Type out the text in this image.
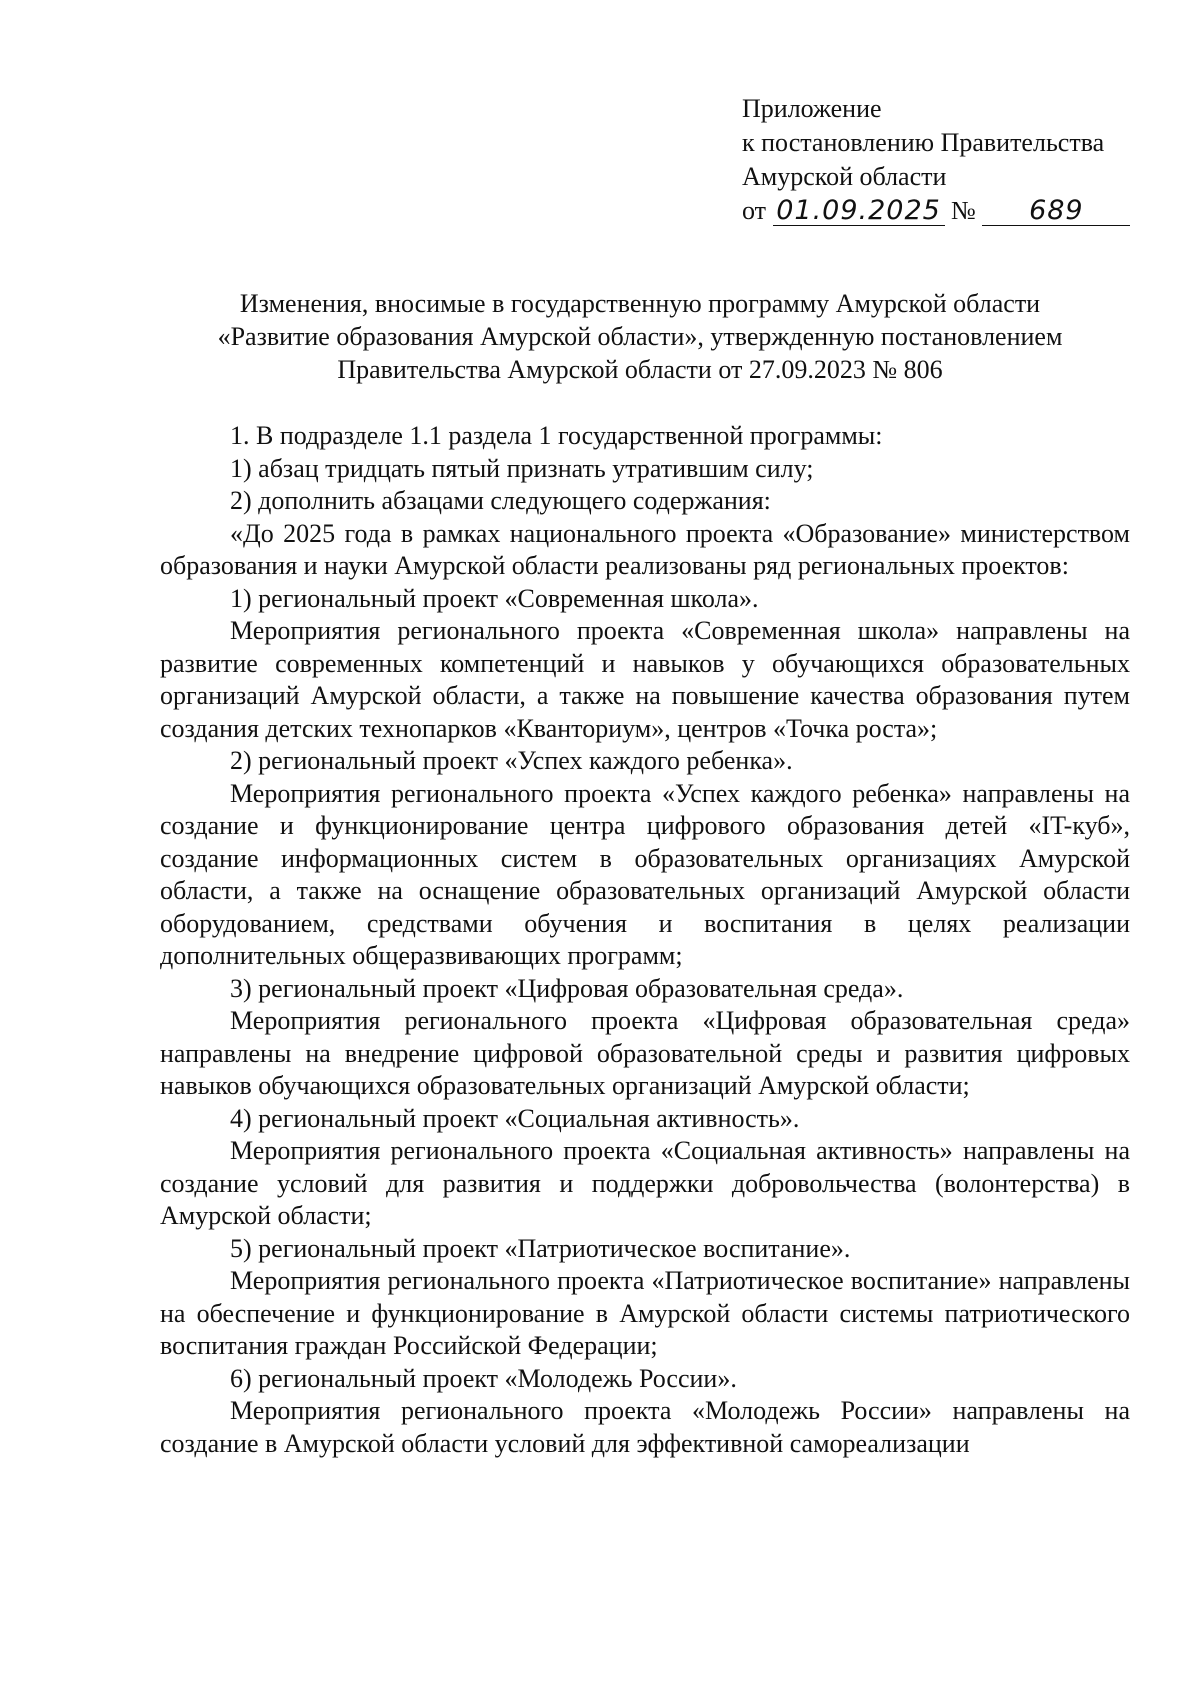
Приложение
к постановлению Правительства
Амурской области
от 01.09.2025 № 689
Изменения, вносимые в государственную программу Амурской области
«Развитие образования Амурской области», утвержденную постановлением
Правительства Амурской области от 27.09.2023 № 806

1. В подразделе 1.1 раздела 1 государственной программы:

1) абзац тридцать пятый признать утратившим силу;

2) дополнить абзацами следующего содержания:

«До 2025 года в рамках национального проекта «Образование» министерством образования и науки Амурской области реализованы ряд региональных проектов:

1) региональный проект «Современная школа».

Мероприятия регионального проекта «Современная школа» направлены на развитие современных компетенций и навыков у обучающихся образовательных организаций Амурской области, а также на повышение качества образования путем создания детских технопарков «Кванториум», центров «Точка роста»;

2) региональный проект «Успех каждого ребенка».

Мероприятия регионального проекта «Успех каждого ребенка» направлены на создание и функционирование центра цифрового образования детей «IT-куб», создание информационных систем в образовательных организациях Амурской области, а также на оснащение образовательных организаций Амурской области оборудованием, средствами обучения и воспитания в целях реализации дополнительных общеразвивающих программ;

3) региональный проект «Цифровая образовательная среда».

Мероприятия регионального проекта «Цифровая образовательная среда» направлены на внедрение цифровой образовательной среды и развития цифровых навыков обучающихся образовательных организаций Амурской области;

4) региональный проект «Социальная активность».

Мероприятия регионального проекта «Социальная активность» направлены на создание условий для развития и поддержки добровольчества (волонтерства) в Амурской области;

5) региональный проект «Патриотическое воспитание».

Мероприятия регионального проекта «Патриотическое воспитание» направлены на обеспечение и функционирование в Амурской области системы патриотического воспитания граждан Российской Федерации;

6) региональный проект «Молодежь России».

Мероприятия регионального проекта «Молодежь России» направлены на создание в Амурской области условий для эффективной самореализации
